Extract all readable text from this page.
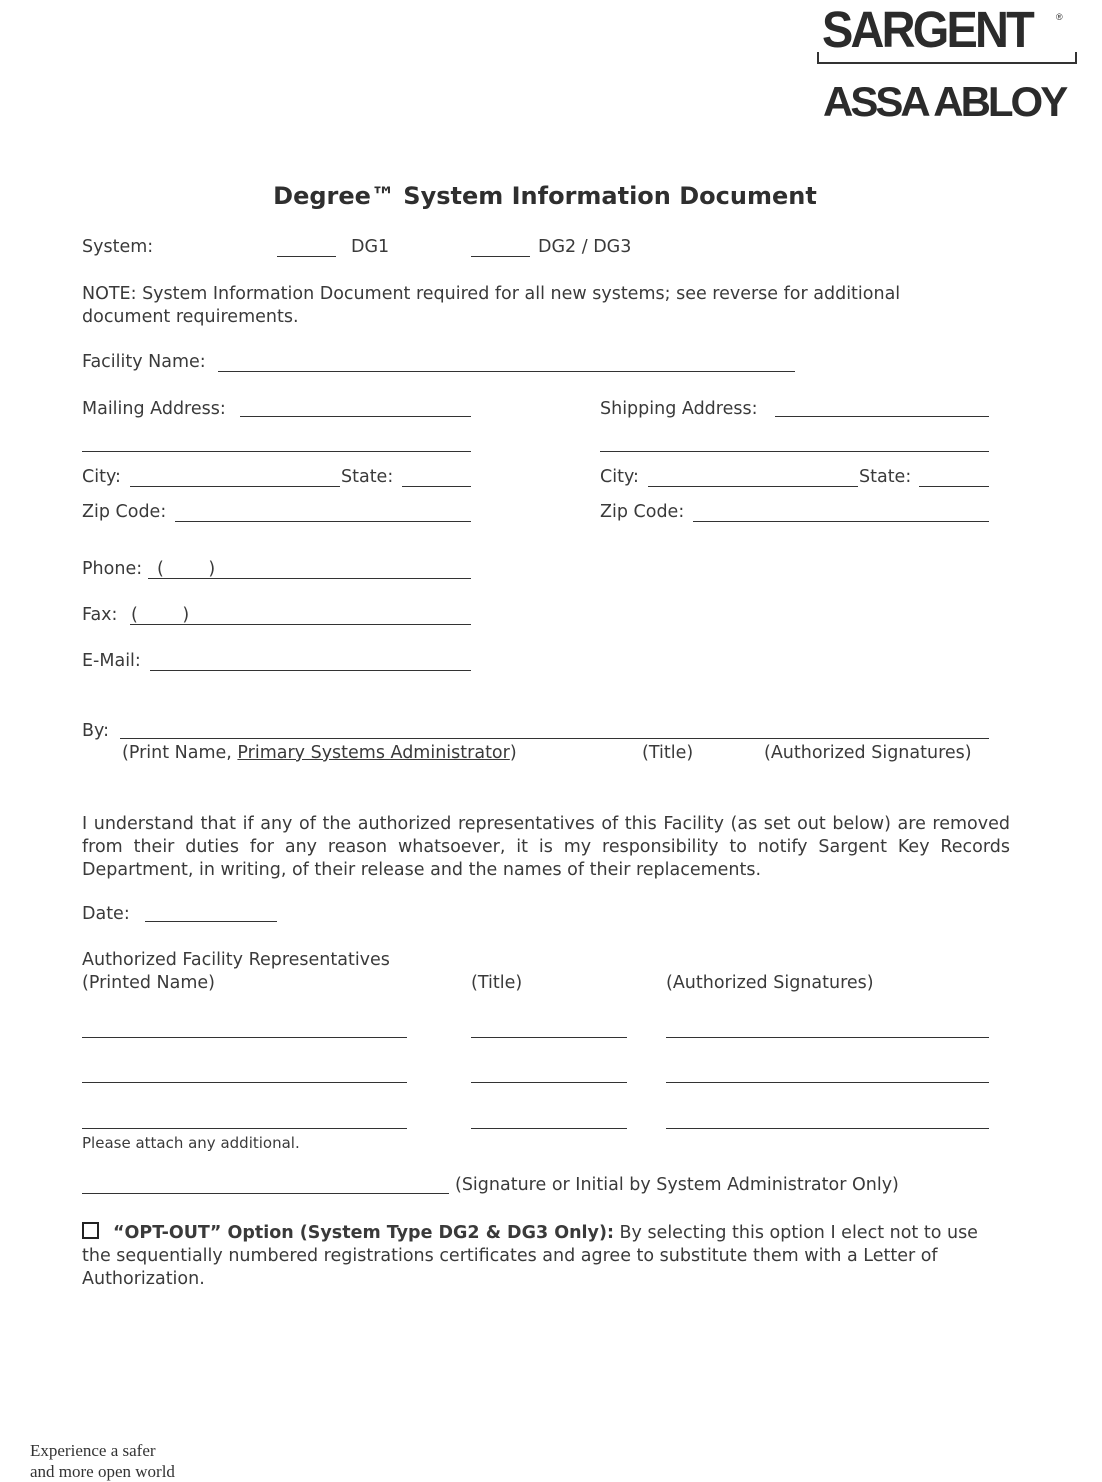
SARGENT	®
ASSA ABLOY
Degree™ System Information Document
System:	DG1	DG2 / DG3
NOTE: System Information Document required for all new systems; see reverse for additional document requirements.
Facility Name:
Mailing Address:
City:	State:
Zip Code:
Shipping Address:
City:	State:
Zip Code:
Phone: (        )
Fax: (        )
E-Mail:
By:
(Print Name, Primary Systems Administrator)	(Title)	(Authorized Signatures)
I understand that if any of the authorized representatives of this Facility (as set out below) are removed from their duties for any reason whatsoever, it is my responsibility to notify Sargent Key Records Department, in writing, of their release and the names of their replacements.
Date:
Authorized Facility Representatives
(Printed Name)	(Title)	(Authorized Signatures)
Please attach any additional.
(Signature or Initial by System Administrator Only)
“OPT-OUT” Option (System Type DG2 & DG3 Only): By selecting this option I elect not to use the sequentially numbered registrations certificates and agree to substitute them with a Letter of Authorization.
Experience a safer
and more open world
